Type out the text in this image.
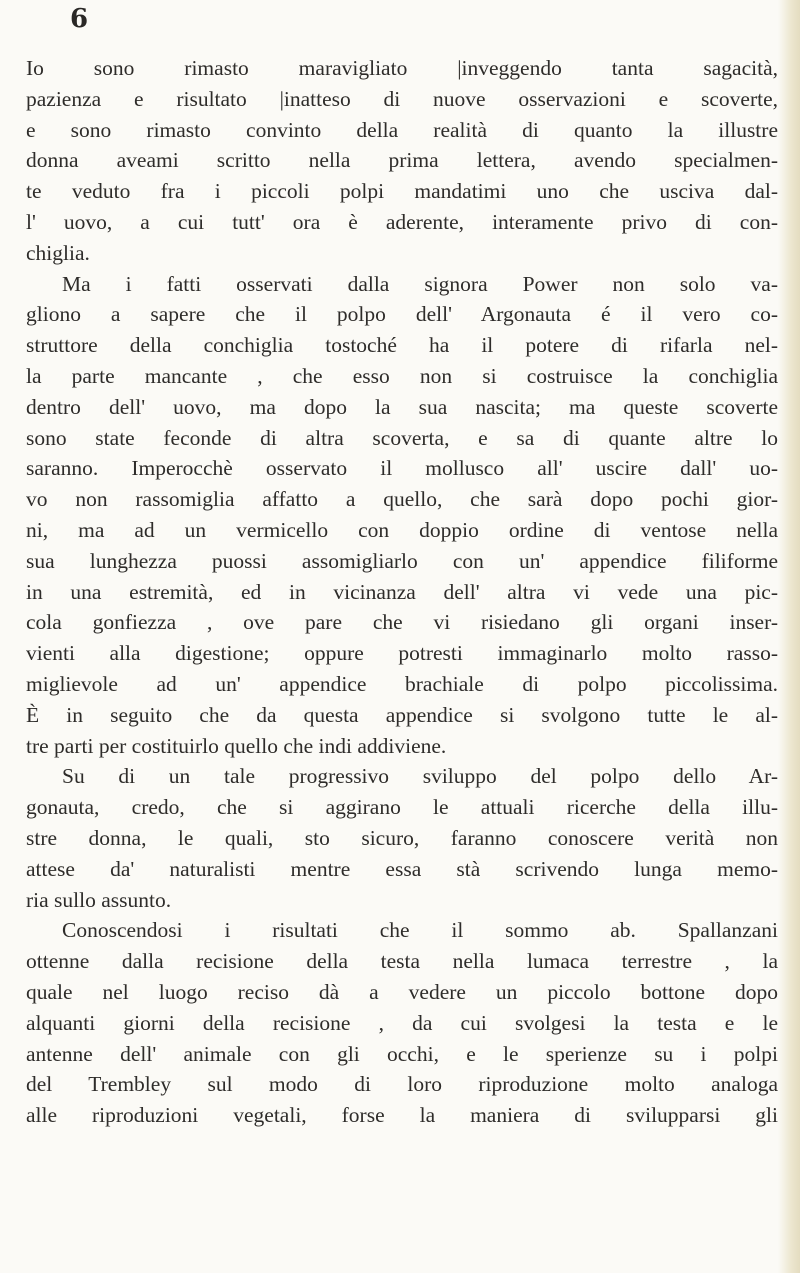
6

Io sono rimasto maravigliato |inveggendo tanta sagacità,
pazienza e risultato |inatteso di nuove osservazioni e scoverte,
e sono rimasto convinto della realità di quanto la illustre
donna aveami scritto nella prima lettera, avendo specialmen-
te veduto fra i piccoli polpi mandatimi uno che usciva dal-
l' uovo, a cui tutt' ora è aderente, interamente privo di con-
chiglia.
Ma i fatti osservati dalla signora Power non solo va-
gliono a sapere che il polpo dell' Argonauta é il vero co-
struttore della conchiglia tostoché ha il potere di rifarla nel-
la parte mancante , che esso non si costruisce la conchiglia
dentro dell' uovo, ma dopo la sua nascita; ma queste scoverte
sono state feconde di altra scoverta, e sa di quante altre lo
saranno. Imperocchè osservato il mollusco all' uscire dall' uo-
vo non rassomiglia affatto a quello, che sarà dopo pochi gior-
ni, ma ad un vermicello con doppio ordine di ventose nella
sua lunghezza puossi assomigliarlo con un' appendice filiforme
in una estremità, ed in vicinanza dell' altra vi vede una pic-
cola gonfiezza , ove pare che vi risiedano gli organi inser-
vienti alla digestione; oppure potresti immaginarlo molto rasso-
miglievole ad un' appendice brachiale di polpo piccolissima.
È in seguito che da questa appendice si svolgono tutte le al-
tre parti per costituirlo quello che indi addiviene.
Su di un tale progressivo sviluppo del polpo dello Ar-
gonauta, credo, che si aggirano le attuali ricerche della illu-
stre donna, le quali, sto sicuro, faranno conoscere verità non
attese da' naturalisti mentre essa stà scrivendo lunga memo-
ria sullo assunto.
Conoscendosi i risultati che il sommo ab. Spallanzani
ottenne dalla recisione della testa nella lumaca terrestre , la
quale nel luogo reciso dà a vedere un piccolo bottone dopo
alquanti giorni della recisione , da cui svolgesi la testa e le
antenne dell' animale con gli occhi, e le sperienze su i polpi
del Trembley sul modo di loro riproduzione molto analoga
alle riproduzioni vegetali, forse la maniera di svilupparsi gli
